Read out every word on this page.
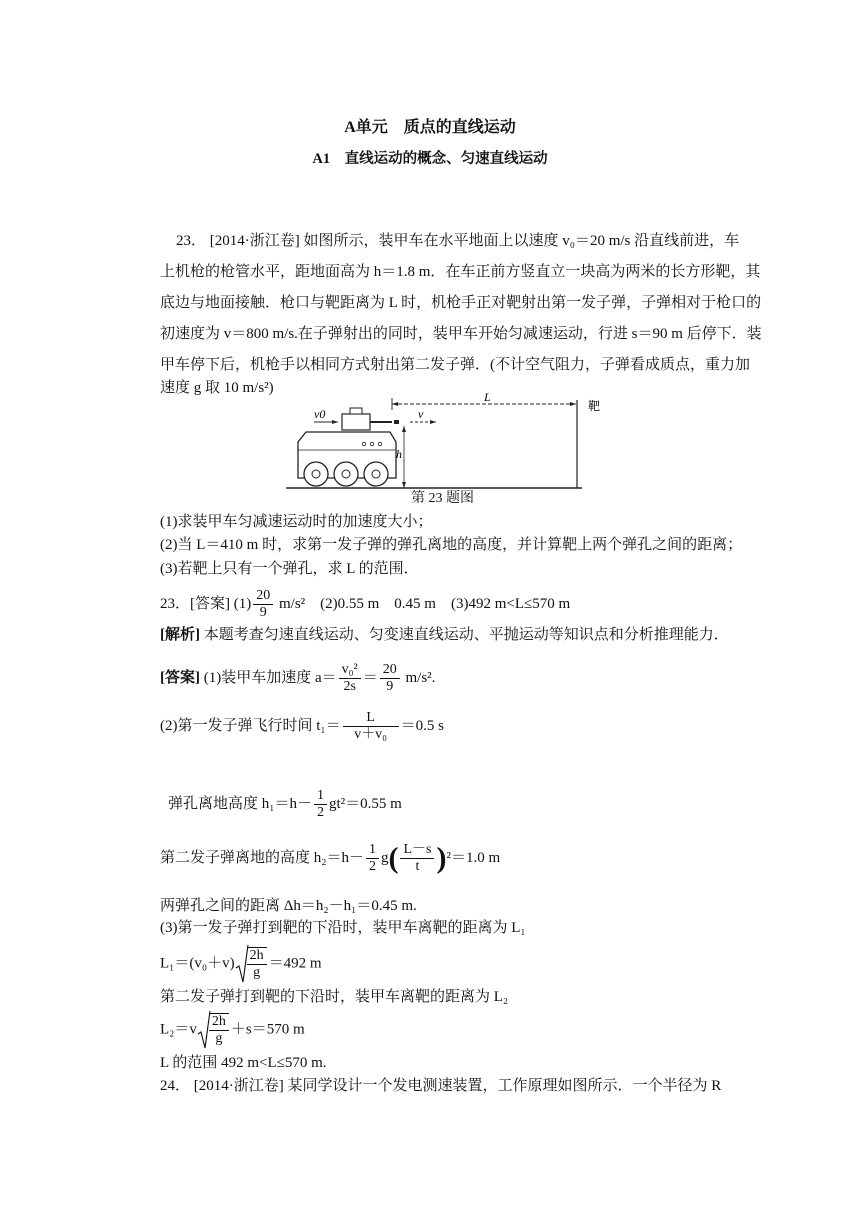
A单元　质点的直线运动
A1　直线运动的概念、匀速直线运动
23． [2014·浙江卷] 如图所示，装甲车在水平地面上以速度 v₀＝20 m/s 沿直线前进，车
上机枪的枪管水平，距地面高为 h＝1.8 m．在车正前方竖直立一块高为两米的长方形靶，其
底边与地面接触．枪口与靶距离为 L 时，机枪手正对靶射出第一发子弹，子弹相对于枪口的
初速度为 v＝800 m/s.在子弹射出的同时，装甲车开始匀减速运动，行进 s＝90 m 后停下．装
甲车停下后，机枪手以相同方式射出第二发子弹．(不计空气阻力，子弹看成质点，重力加
速度 g 取 10 m/s²)
v0	v
L
h
靶
第 23 题图
(1)求装甲车匀减速运动时的加速度大小；
(2)当 L＝410 m 时，求第一发子弹的弹孔离地的高度，并计算靶上两个弹孔之间的距离；
(3)若靶上只有一个弹孔，求 L 的范围．
23．[答案] $(1) \frac{20}{9} m/s^2$　(2)0.55 m　0.45 m　(3)492 m<L≤570 m
[解析] 本题考查匀速直线运动、匀变速直线运动、平抛运动等知识点和分析推理能力．
[答案] (1)装甲车加速度 $a= \frac{\text{v₀²}}{2s} = \frac{20}{9} m/s^2$.
(2)第一发子弹飞行时间 $t_1= \frac{L}{\text{v＋v₀}} =0.5$ s
弹孔离地高度 $h_1=h- \frac{1}{2} gt^2=0.55$ m
第二发子弹离地的高度 $h_2=h- \frac{1}{2} g( \frac{L-s}{t} )^2=1.0$ m
两弹孔之间的距离 Δh＝h₂－h₁＝0.45 m.
(3)第一发子弹打到靶的下沿时，装甲车离靶的距离为 L₁
$L_1=(v_0+v) \frac{2h}{g} =492$ m
第二发子弹打到靶的下沿时，装甲车离靶的距离为 L₂
$L_2=v \frac{2h}{g} +s=570$ m
L 的范围 492 m<L≤570 m.
24． [2014·浙江卷] 某同学设计一个发电测速装置，工作原理如图所示．一个半径为 R
